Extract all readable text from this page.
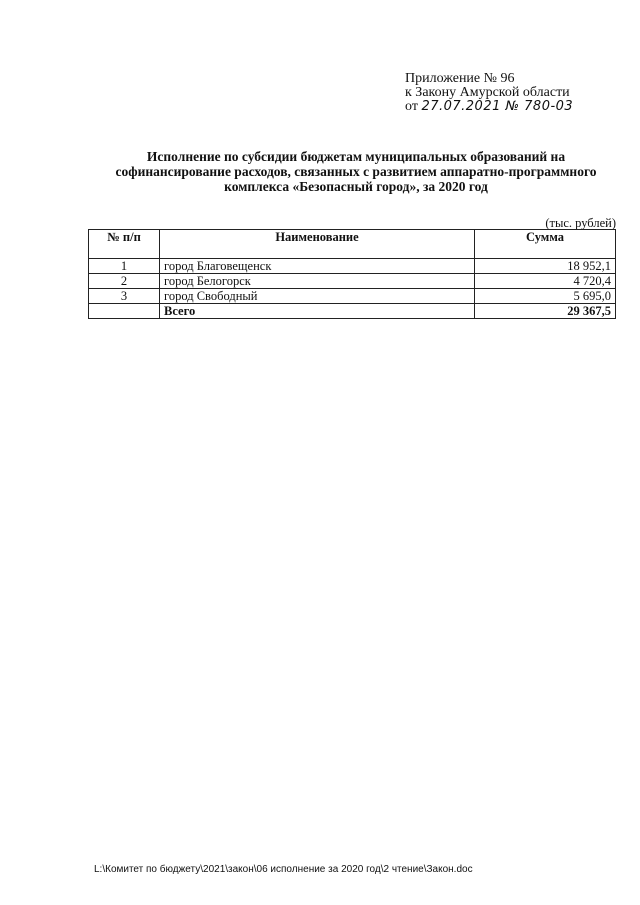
Приложение № 96
к Закону Амурской области
от 27.07.2021 № 780-03
Исполнение по субсидии бюджетам муниципальных образований на софинансирование расходов, связанных с развитием аппаратно-программного комплекса «Безопасный город», за 2020 год
(тыс. рублей)
№ п/п	Наименование	Сумма
1	город Благовещенск	18 952,1
2	город Белогорск	4 720,4
3	город Свободный	5 695,0
	Всего	29 367,5
L:\Комитет по бюджету\2021\закон\06 исполнение за 2020 год\2 чтение\Закон.doc
